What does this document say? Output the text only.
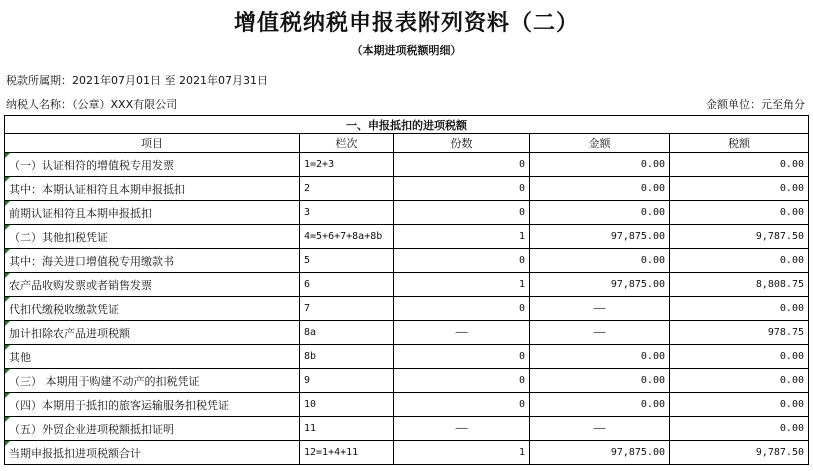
增值税纳税申报表附列资料（二）
（本期进项税额明细）
税款所属期：2021年07月01日 至 2021年07月31日
纳税人名称：（公章）XXX有限公司	金额单位：元至角分
一、申报抵扣的进项税额				
项目	栏次	份数	金额	税额

（一）认证相符的增值税专用发票	1=2+3	0	0.00	0.00

其中：本期认证相符且本期申报抵扣	2	0	0.00	0.00

前期认证相符且本期申报抵扣	3	0	0.00	0.00

（二）其他扣税凭证	4=5+6+7+8a+8b	1	97,875.00	9,787.50

其中：海关进口增值税专用缴款书	5	0	0.00	0.00

农产品收购发票或者销售发票	6	1	97,875.00	8,808.75

代扣代缴税收缴款凭证	7	0	——	0.00

加计扣除农产品进项税额	8a	——	——	978.75

其他	8b	0	0.00	0.00

（三） 本期用于购建不动产的扣税凭证	9	0	0.00	0.00

（四）本期用于抵扣的旅客运输服务扣税凭证	10	0	0.00	0.00

（五）外贸企业进项税额抵扣证明	11	——	——	0.00

当期申报抵扣进项税额合计	12=1+4+11	1	97,875.00	9,787.50
